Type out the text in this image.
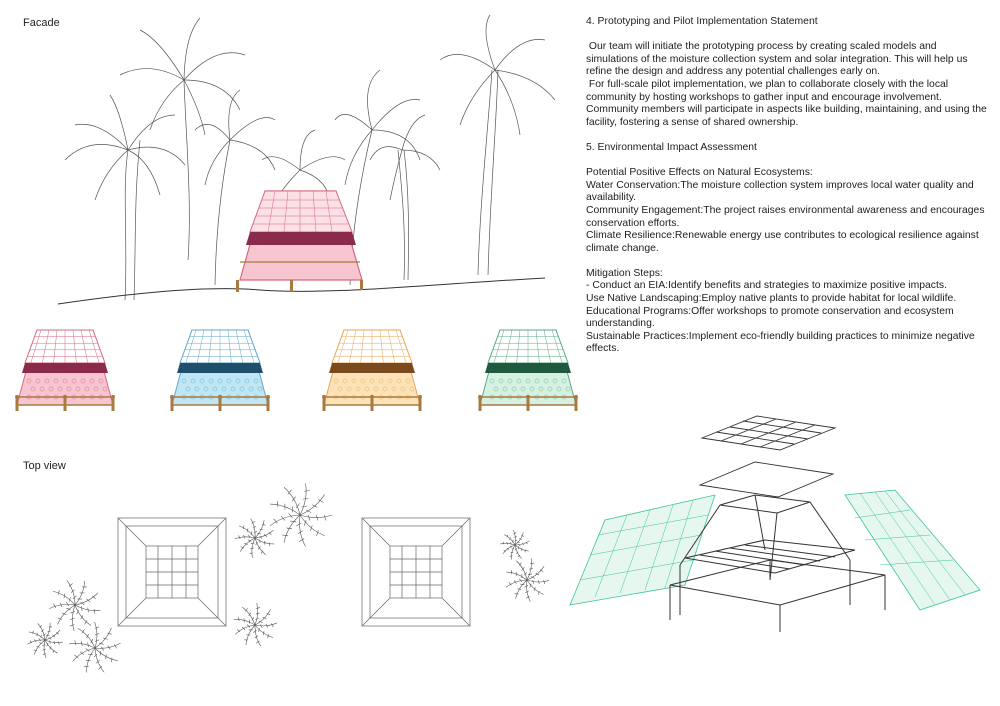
Facade
Top view

4. Prototyping and Pilot Implementation Statement

Our team will initiate the prototyping process by creating scaled models and simulations of the moisture collection system and solar integration. This will help us refine the design and address any potential challenges early on.

For full-scale pilot implementation, we plan to collaborate closely with the local community by hosting workshops to gather input and encourage involvement. Community members will participate in aspects like building, maintaining, and using the facility, fostering a sense of shared ownership.

5. Environmental Impact Assessment

Potential Positive Effects on Natural Ecosystems:

Water Conservation:The moisture collection system improves local water quality and availability.

Community Engagement:The project raises environmental awareness and encourages conservation efforts.

Climate Resilience:Renewable energy use contributes to ecological resilience against climate change.

Mitigation Steps:

- Conduct an EIA:Identify benefits and strategies to maximize positive impacts.

Use Native Landscaping:Employ native plants to provide habitat for local wildlife.

Educational Programs:Offer workshops to promote conservation and ecosystem understanding.

Sustainable Practices:Implement eco-friendly building practices to minimize negative effects.
